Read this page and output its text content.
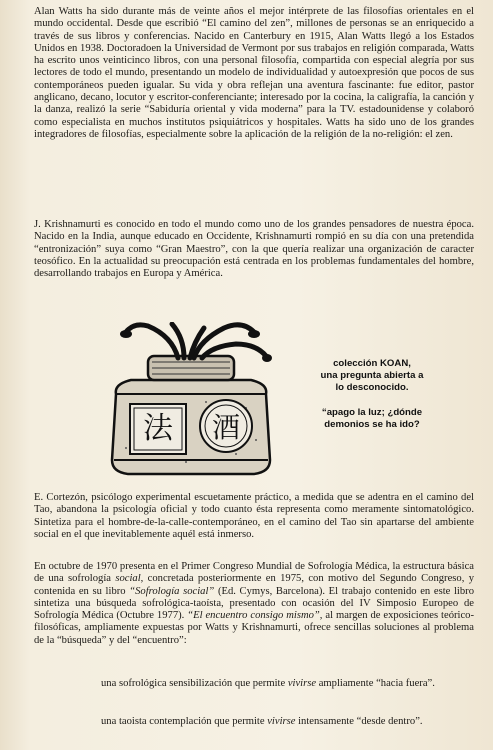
Alan Watts ha sido durante más de veinte años el mejor intérprete de las filosofías orientales en el mundo occidental. Desde que escribió “El camino del zen”, millones de personas se an enriquecido a través de sus libros y conferencias. Nacido en Canterbury en 1915, Alan Watts llegó a los Estados Unidos en 1938. Doctoradoen la Universidad de Vermont por sus trabajos en religión comparada, Watts ha escrito unos veinticinco libros, con una personal filosofía, compartida con especial alegría por sus lectores de todo el mundo, presentando un modelo de individualidad y autoexpresión que pocos de sus contemporáneos pueden igualar. Su vida y obra reflejan una aventura fascinante: fue editor, pastor anglicano, decano, locutor y escritor-conferenciante; interesado por la cocina, la caligrafía, la canción y la danza, realizó la serie “Sabiduría oriental y vida moderna” para la TV. estadounidense y colaboró como especialista en muchos institutos psiquiátricos y hospitales. Watts ha sido uno de los grandes integradores de filosofías, especialmente sobre la aplicación de la religión de la no-religión: el zen.

J. Krishnamurti es conocido en todo el mundo como uno de los grandes pensadores de nuestra época. Nacido en la India, aunque educado en Occidente, Krishnamurti rompió en su día con una pretendida “entronización” suya como “Gran Maestro”, con la que quería realizar una organización de caracter teosófico. En la actualidad su preocupación está centrada en los problemas fundamentales del hombre, desarrollando trabajos en Europa y América.

法 酒

colección KOAN,
una pregunta abierta a
lo desconocido.

“apago la luz; ¿dónde
demonios se ha ido?

E. Cortezón, psicólogo experimental escuetamente práctico, a medida que se adentra en el camino del Tao, abandona la psicología oficial y todo cuanto ésta representa como meramente sintomatológico. Sintetiza para el hombre-de-la-calle-contemporáneo, en el camino del Tao sin apartarse del ambiente social en el que inevitablemente aquél está inmerso.

En octubre de 1970 presenta en el Primer Congreso Mundial de Sofrología Médica, la estructura básica de una sofrología social, concretada posteriormente en 1975, con motivo del Segundo Congreso, y contenida en su libro “Sofrología social” (Ed. Cymys, Barcelona). El trabajo contenido en este libro sintetiza una búsqueda sofrológica-taoísta, presentado con ocasión del IV Simposio Europeo de Sofrología Médica (Octubre 1977). “El encuentro consigo mismo”, al margen de exposiciones teórico-filosóficas, ampliamente expuestas por Watts y Krishnamurti, ofrece sencillas soluciones al problema de la “búsqueda” y del “encuentro”:

una sofrológica sensibilización que permite vivirse ampliamente “hacia fuera”.

una taoista contemplación que permite vivirse intensamente “desde dentro”.
